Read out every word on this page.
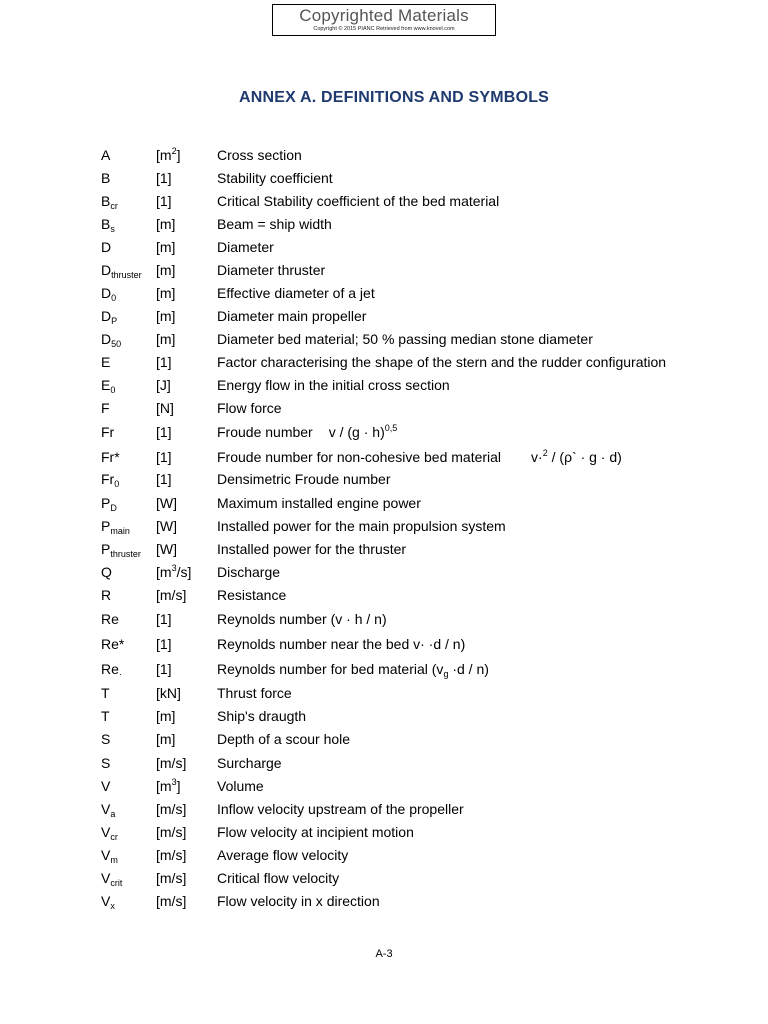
Copyrighted Materials
Copyright © 2015 PIANC Retrieved from www.knovel.com
ANNEX A. DEFINITIONS AND SYMBOLS
A	$[m^2]$	Cross section
B	[1]	Stability coefficient
$B_{cr}$	[1]	Critical Stability coefficient of the bed material
$B_s$	[m]	Beam = ship width
D	[m]	Diameter
$D_{thruster}$ [m]	Diameter thruster
$D_0$	[m]	Effective diameter of a jet
$D_P$	[m]	Diameter main propeller
$D_{50}$ [m]	Diameter bed material; 50 % passing median stone diameter
E	[1]	Factor characterising the shape of the stern and the rudder configuration
$E_0$	[J]	Energy flow in the initial cross section
F	[N]	Flow force
Fr	[1]	Froude number $v / (g \cdot h)^{0,5}$
Fr*	[1]	Froude number for non-cohesive bed material v·$^2$ / (ρ` · g · d)
$Fr_0$	[1]	Densimetric Froude number
$P_D$	[W]	Maximum installed engine power
$P_{main}$ [W]	Installed power for the main propulsion system
$P_{thruster}$ [W]	Installed power for the thruster
Q	$[m^3/s]$ Discharge
R	[m/s] Resistance
Re	[1]	Reynolds number (v · h / n)
Re* [1]	Reynolds number near the bed v· ·d / n)
$Re_\cdot$ [1]	Reynolds number for bed material $(v_g \cdot d / n)$
T	[kN]	Thrust force
T	[m]	Ship's draugth
S	[m]	Depth of a scour hole
S	[m/s] Surcharge
V	$[m^3]$	Volume
$V_a$	[m/s] Inflow velocity upstream of the propeller
$V_{cr}$	[m/s] Flow velocity at incipient motion
$V_m$	[m/s] Average flow velocity
$V_{crit}$ [m/s] Critical flow velocity
$V_x$	[m/s] Flow velocity in x direction
A-3
